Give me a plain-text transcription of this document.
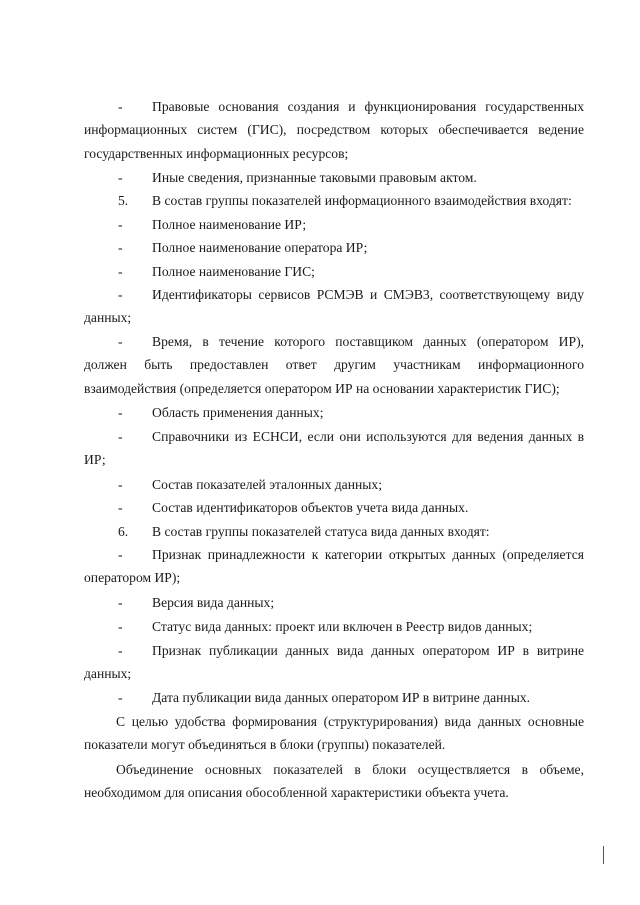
-	Правовые основания создания и функционирования государственных
информационных систем (ГИС), посредством которых обеспечивается ведение государственных информационных ресурсов;
-	Иные сведения, признанные таковыми правовым актом.
5.	В состав группы показателей информационного взаимодействия входят:
-	Полное наименование ИР;
-	Полное наименование оператора ИР;
-	Полное наименование ГИС;
-	Идентификаторы сервисов РСМЭВ и СМЭВ3, соответствующему виду
данных;
-	Время, в течение которого поставщиком данных (оператором ИР),
должен быть предоставлен ответ другим участникам информационного взаимодействия (определяется оператором ИР на основании характеристик ГИС);
-	Область применения данных;
-	Справочники из ЕСНСИ, если они используются для ведения данных в
ИР;
-	Состав показателей эталонных данных;
-	Состав идентификаторов объектов учета вида данных.
6.	В состав группы показателей статуса вида данных входят:
-	Признак принадлежности к категории открытых данных (определяется
оператором ИР);
-	Версия вида данных;
-	Статус вида данных: проект или включен в Реестр видов данных;
-	Признак публикации данных вида данных оператором ИР в витрине
данных;
-	Дата публикации вида данных оператором ИР в витрине данных.

С целью удобства формирования (структурирования) вида данных основные показатели могут объединяться в блоки (группы) показателей.

Объединение основных показателей в блоки осуществляется в объеме, необходимом для описания обособленной характеристики объекта учета.
